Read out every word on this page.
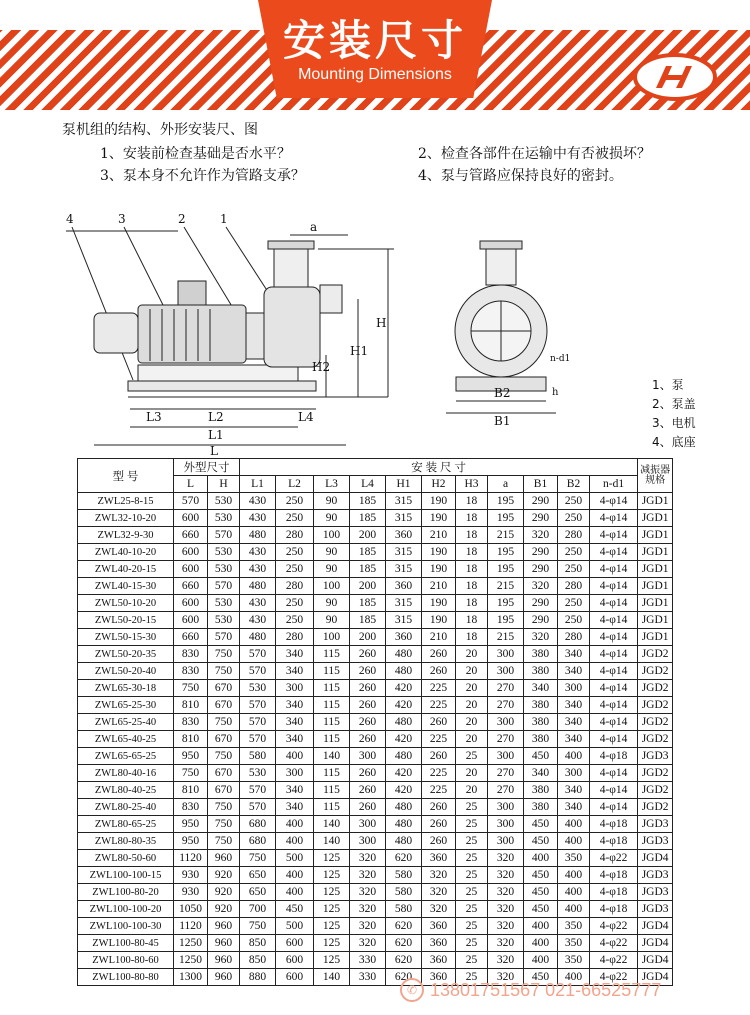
安装尺寸
Mounting Dimensions
泵机组的结构、外形安装尺、图
1、安装前检查基础是否水平？	2、检查各部件在运输中有否被损坏？
3、泵本身不允许作为管路支承？	4、泵与管路应保持良好的密封。
4	3	2	1
a
H
H1
H2
L3	L2	L4
L1
L
B2
B1
n-d1
h
1、泵
2、泵盖
3、电机
4、底座
型 号	外型尺寸		安 装 尺 寸											减振器
规格
	L	H	L1	L2	L3	L4	H1	H2	H3	a	B1	B2	n-d1	
ZWL25-8-15	570	530	430	250	90	185	315	190	18	195	290	250	4-φ14	JGD1
ZWL32-10-20	600	530	430	250	90	185	315	190	18	195	290	250	4-φ14	JGD1
ZWL32-9-30	660	570	480	280	100	200	360	210	18	215	320	280	4-φ14	JGD1
ZWL40-10-20	600	530	430	250	90	185	315	190	18	195	290	250	4-φ14	JGD1
ZWL40-20-15	600	530	430	250	90	185	315	190	18	195	290	250	4-φ14	JGD1
ZWL40-15-30	660	570	480	280	100	200	360	210	18	215	320	280	4-φ14	JGD1
ZWL50-10-20	600	530	430	250	90	185	315	190	18	195	290	250	4-φ14	JGD1
ZWL50-20-15	600	530	430	250	90	185	315	190	18	195	290	250	4-φ14	JGD1
ZWL50-15-30	660	570	480	280	100	200	360	210	18	215	320	280	4-φ14	JGD1
ZWL50-20-35	830	750	570	340	115	260	480	260	20	300	380	340	4-φ14	JGD2
ZWL50-20-40	830	750	570	340	115	260	480	260	20	300	380	340	4-φ14	JGD2
ZWL65-30-18	750	670	530	300	115	260	420	225	20	270	340	300	4-φ14	JGD2
ZWL65-25-30	810	670	570	340	115	260	420	225	20	270	380	340	4-φ14	JGD2
ZWL65-25-40	830	750	570	340	115	260	480	260	20	300	380	340	4-φ14	JGD2
ZWL65-40-25	810	670	570	340	115	260	420	225	20	270	380	340	4-φ14	JGD2
ZWL65-65-25	950	750	580	400	140	300	480	260	25	300	450	400	4-φ18	JGD3
ZWL80-40-16	750	670	530	300	115	260	420	225	20	270	340	300	4-φ14	JGD2
ZWL80-40-25	810	670	570	340	115	260	420	225	20	270	380	340	4-φ14	JGD2
ZWL80-25-40	830	750	570	340	115	260	480	260	25	300	380	340	4-φ14	JGD2
ZWL80-65-25	950	750	680	400	140	300	480	260	25	300	450	400	4-φ18	JGD3
ZWL80-80-35	950	750	680	400	140	300	480	260	25	300	450	400	4-φ18	JGD3
ZWL80-50-60	1120	960	750	500	125	320	620	360	25	320	400	350	4-φ22	JGD4
ZWL100-100-15	930	920	650	400	125	320	580	320	25	320	450	400	4-φ18	JGD3
ZWL100-80-20	930	920	650	400	125	320	580	320	25	320	450	400	4-φ18	JGD3
ZWL100-100-20	1050	920	700	450	125	320	580	320	25	320	450	400	4-φ18	JGD3
ZWL100-100-30	1120	960	750	500	125	320	620	360	25	320	400	350	4-φ22	JGD4
ZWL100-80-45	1250	960	850	600	125	320	620	360	25	320	400	350	4-φ22	JGD4
ZWL100-80-60	1250	960	850	600	125	330	620	360	25	320	400	350	4-φ22	JGD4
ZWL100-80-80	1300	960	880	600	140	330	620	360	25	320	450	400	4-φ22	JGD4
✆ 13801751567 021-66525777
